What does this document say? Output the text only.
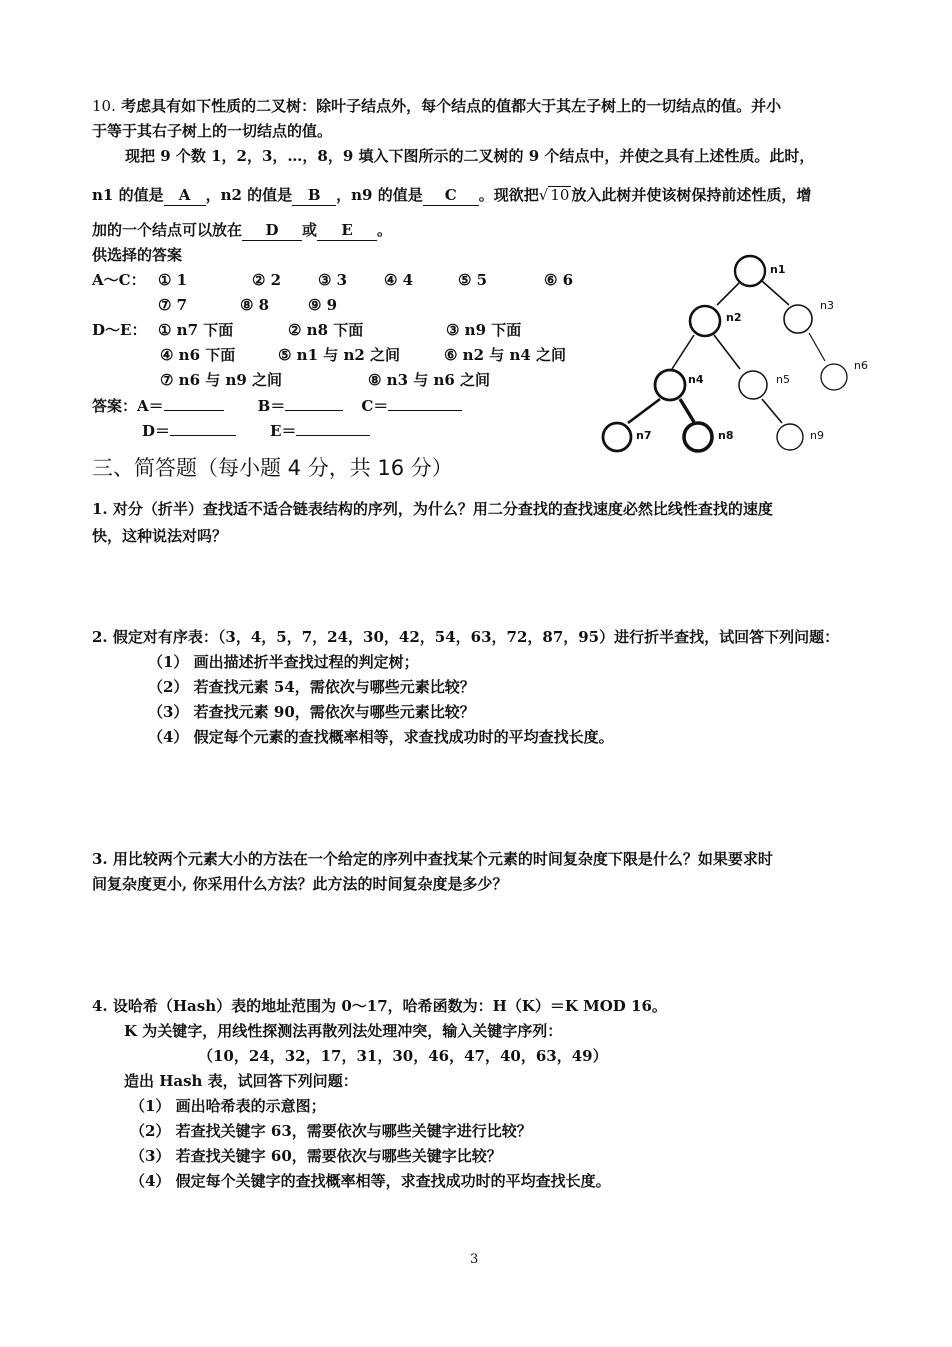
10. 考虑具有如下性质的二叉树：除叶子结点外，每个结点的值都大于其左子树上的一切结点的值。并小
于等于其右子树上的一切结点的值。
现把 9 个数 1，2，3，…，8，9 填入下图所示的二叉树的 9 个结点中，并使之具有上述性质。此时，
n1 的值是 A ，n2 的值是 B ，n9 的值是 C 。现欲把√ 10 放入此树并使该树保持前述性质，增
加的一个结点可以放在 D 或 E 。
供选择的答案
A～C： ① 1	② 2 ③ 3 ④ 4	⑤ 5	⑥ 6
⑦ 7	⑧ 8	⑨ 9
D～E： ① n7 下面	② n8 下面	③ n9 下面
④ n6 下面	⑤ n1 与 n2 之间	⑥ n2 与 n4 之间
⑦ n6 与 n9 之间	⑧ n3 与 n6 之间
答案：A＝	B＝	C＝
D＝	E＝
n1
n2
n3
n4	n5
n6
n7	n8	n9
三、简答题（每小题 4 分，共 16 分）
1. 对分（折半）查找适不适合链表结构的序列，为什么？用二分查找的查找速度必然比线性查找的速度
快，这种说法对吗？
2. 假定对有序表：（3，4，5，7，24，30，42，54，63，72，87，95）进行折半查找，试回答下列问题：
（1） 画出描述折半查找过程的判定树；
（2） 若查找元素 54，需依次与哪些元素比较？
（3） 若查找元素 90，需依次与哪些元素比较？
（4） 假定每个元素的查找概率相等，求查找成功时的平均查找长度。
3. 用比较两个元素大小的方法在一个给定的序列中查找某个元素的时间复杂度下限是什么？如果要求时
间复杂度更小, 你采用什么方法？此方法的时间复杂度是多少？
4. 设哈希（Hash）表的地址范围为 0～17，哈希函数为：H（K）＝K MOD 16。
K 为关键字，用线性探测法再散列法处理冲突，输入关键字序列：
（10，24，32，17，31，30，46，47，40，63，49）
造出 Hash 表，试回答下列问题：
（1） 画出哈希表的示意图；
（2） 若查找关键字 63，需要依次与哪些关键字进行比较？
（3） 若查找关键字 60，需要依次与哪些关键字比较？
（4） 假定每个关键字的查找概率相等，求查找成功时的平均查找长度。
3
